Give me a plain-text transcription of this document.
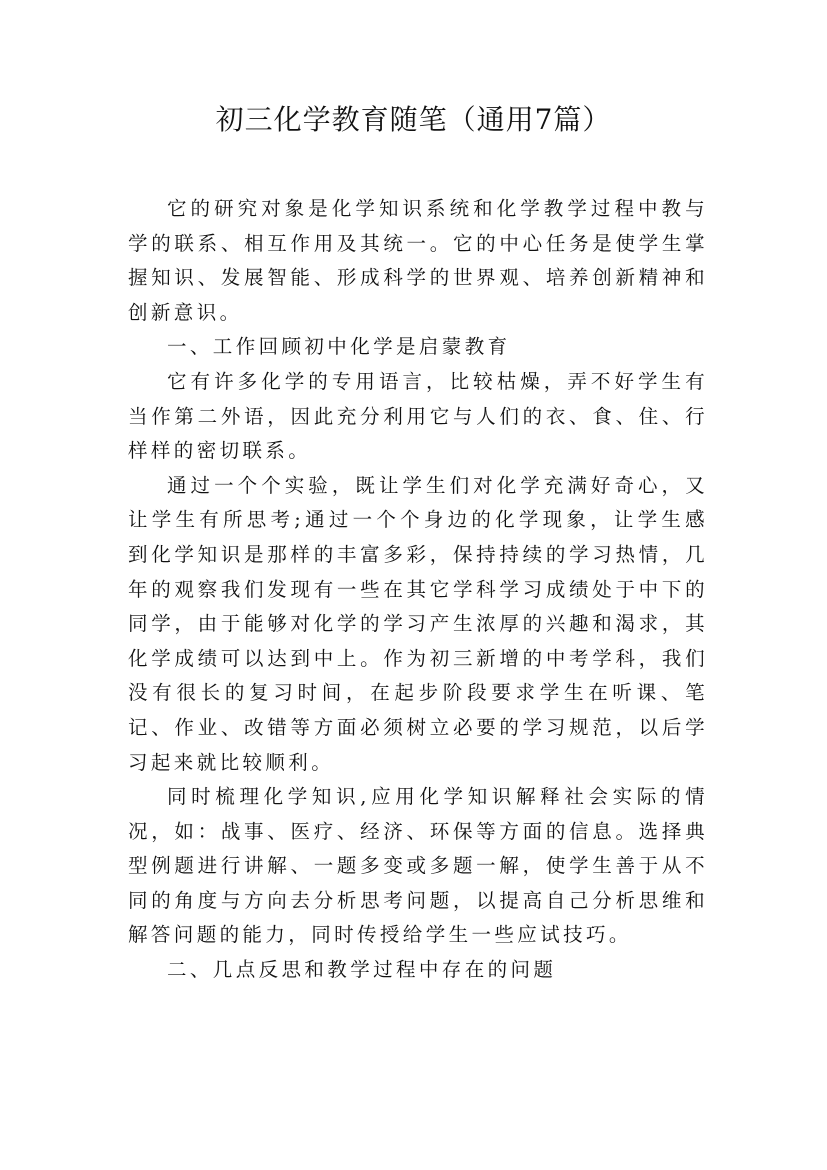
初三化学教育随笔（通用7篇）

它的研究对象是化学知识系统和化学教学过程中教与学的联系、相互作用及其统一。它的中心任务是使学生掌握知识、发展智能、形成科学的世界观、培养创新精神和创新意识。

一、工作回顾初中化学是启蒙教育

它有许多化学的专用语言，比较枯燥，弄不好学生有当作第二外语，因此充分利用它与人们的衣、食、住、行样样的密切联系。

通过一个个实验，既让学生们对化学充满好奇心，又让学生有所思考;通过一个个身边的化学现象，让学生感到化学知识是那样的丰富多彩，保持持续的学习热情，几年的观察我们发现有一些在其它学科学习成绩处于中下的同学，由于能够对化学的学习产生浓厚的兴趣和渴求，其化学成绩可以达到中上。作为初三新增的中考学科，我们没有很长的复习时间，在起步阶段要求学生在听课、笔记、作业、改错等方面必须树立必要的学习规范，以后学习起来就比较顺利。

同时梳理化学知识,应用化学知识解释社会实际的情况，如：战事、医疗、经济、环保等方面的信息。选择典型例题进行讲解、一题多变或多题一解，使学生善于从不同的角度与方向去分析思考问题，以提高自己分析思维和解答问题的能力，同时传授给学生一些应试技巧。

二、几点反思和教学过程中存在的问题
